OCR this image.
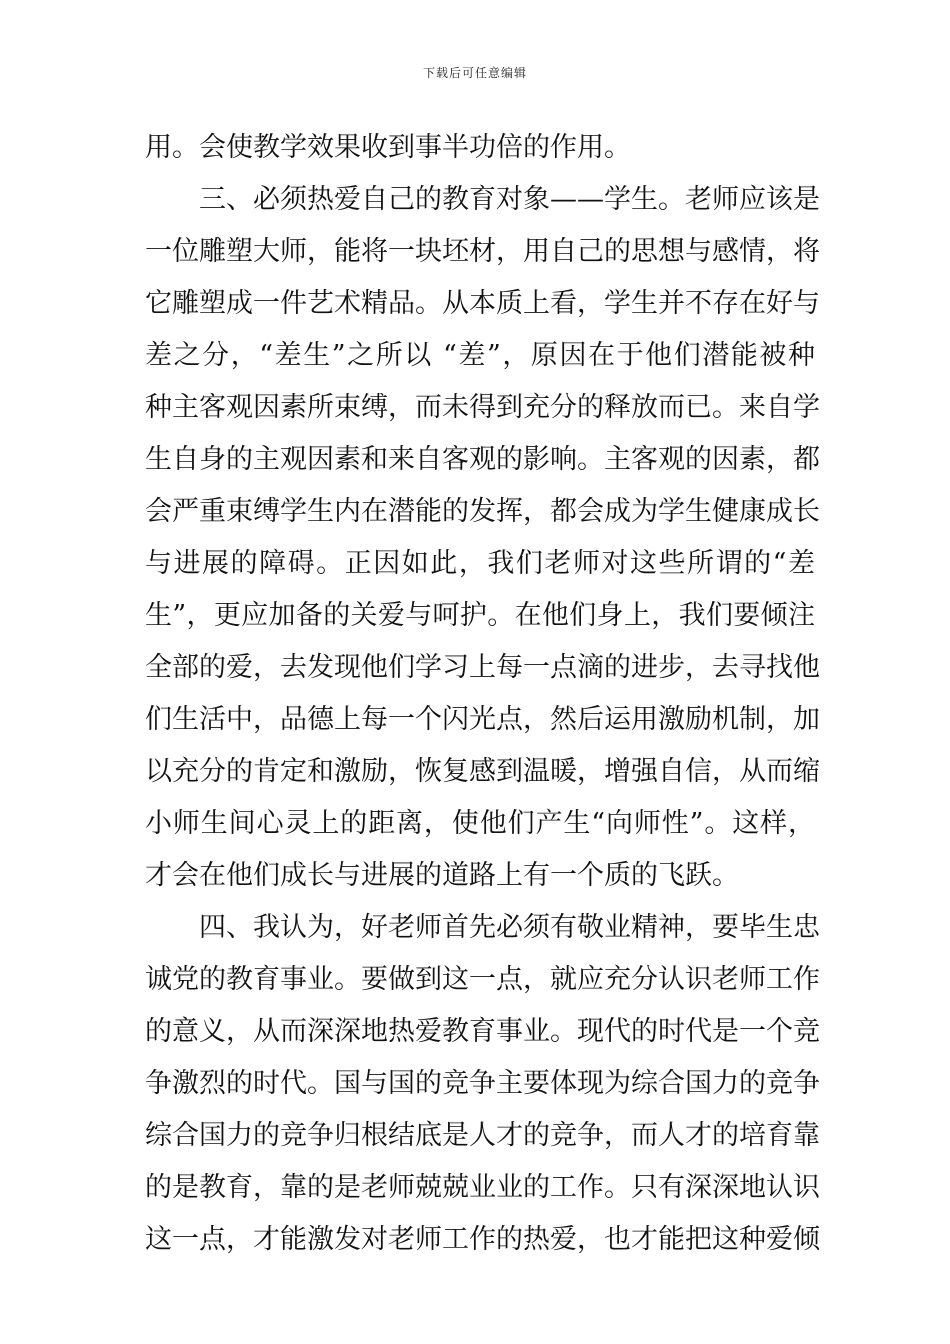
下载后可任意编辑
用。会使教学效果收到事半功倍的作用。
　　三、必须热爱自己的教育对象——学生。老师应该是
一位雕塑大师，能将一块坯材，用自己的思想与感情，将
它雕塑成一件艺术精品。从本质上看，学生并不存在好与
差之分，“差生”之所以 “差”，原因在于他们潜能被种
种主客观因素所束缚，而未得到充分的释放而已。来自学
生自身的主观因素和来自客观的影响。主客观的因素，都
会严重束缚学生内在潜能的发挥，都会成为学生健康成长
与进展的障碍。正因如此，我们老师对这些所谓的“差
生”，更应加备的关爱与呵护。在他们身上，我们要倾注
全部的爱，去发现他们学习上每一点滴的进步，去寻找他
们生活中，品德上每一个闪光点，然后运用激励机制，加
以充分的肯定和激励，恢复感到温暖，增强自信，从而缩
小师生间心灵上的距离，使他们产生“向师性”。这样，
才会在他们成长与进展的道路上有一个质的飞跃。
　　四、我认为，好老师首先必须有敬业精神，要毕生忠
诚党的教育事业。要做到这一点，就应充分认识老师工作
的意义，从而深深地热爱教育事业。现代的时代是一个竞
争激烈的时代。国与国的竞争主要体现为综合国力的竞争
综合国力的竞争归根结底是人才的竞争，而人才的培育靠
的是教育，靠的是老师兢兢业业的工作。只有深深地认识
这一点，才能激发对老师工作的热爱，也才能把这种爱倾
